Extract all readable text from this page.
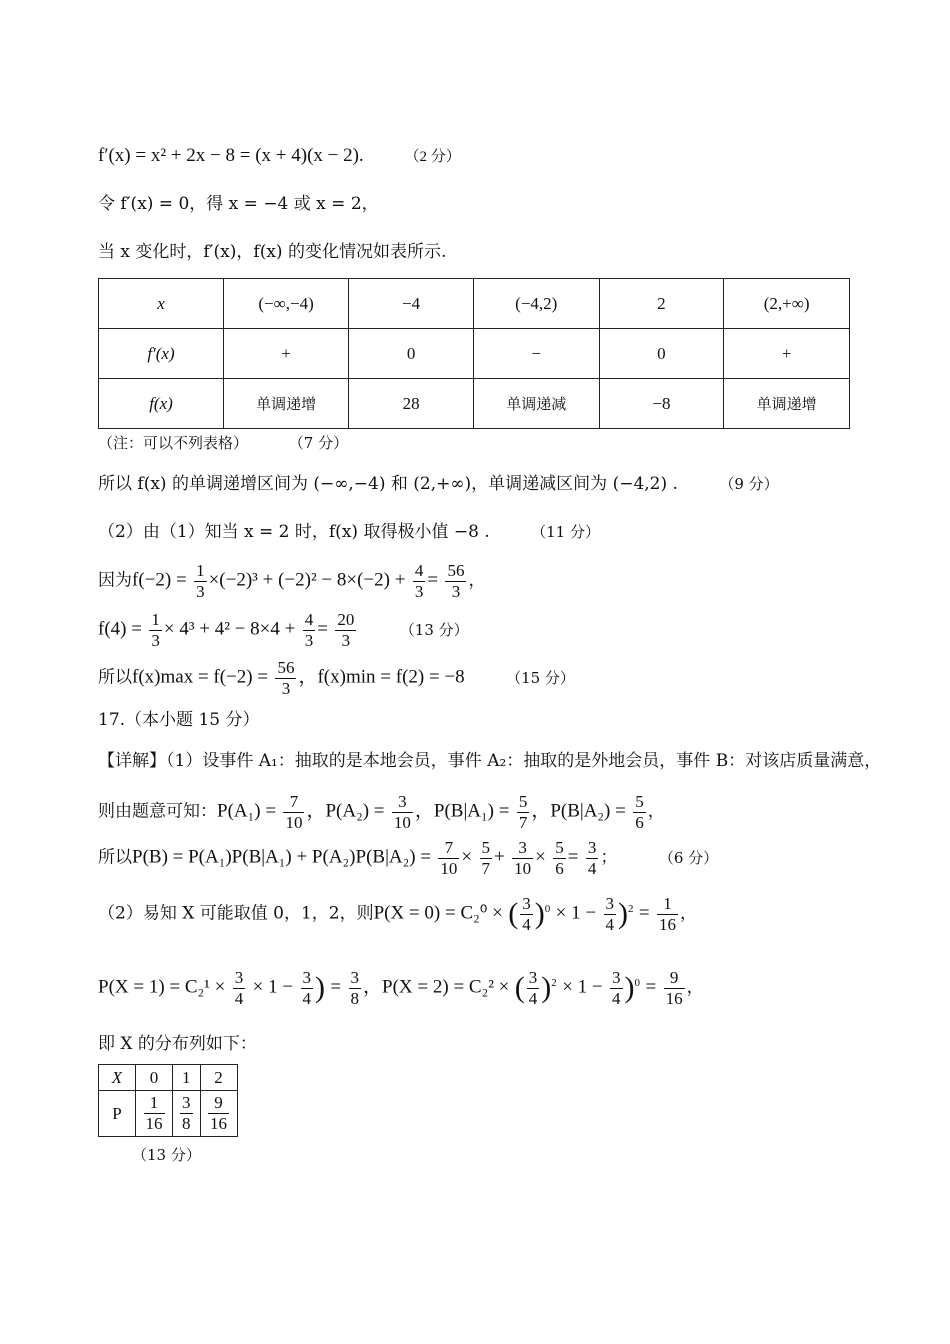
f′(x) = x² + 2x − 8 = (x + 4)(x − 2).	（2 分）
令 f′(x) = 0，得 x = −4 或 x = 2，
当 x 变化时，f′(x)，f(x) 的变化情况如表所示.
x	(−∞,−4)	−4	(−4,2)	2	(2,+∞)
f′(x)	+	0	−	0	+
f(x)	单调递增	28	单调递减	−8	单调递增
（注：可以不列表格）	（7 分）
所以 f(x) 的单调递增区间为 (−∞,−4) 和 (2,+∞)，单调递减区间为 (−4,2) .	（9 分）
（2）由（1）知当 x = 2 时，f(x) 取得极小值 −8 .	（11 分）
因为$f(-2) = \frac{1}{3} \times(-2)^3 + (-2)^2 - 8\times(-2) + \frac{4}{3} = \frac{56}{3}$ ，
$f(4) = \frac{1}{3} \times 4^3 + 4^2 - 8\times 4 + \frac{4}{3} = \frac{20}{3}$	（13 分）
所以$f(x)\max = f(-2) = \frac{56}{3}$ ，f(x)min = f(2) = −8	（15 分）
17.（本小题 15 分）
【详解】（1）设事件 A₁：抽取的是本地会员，事件 A₂：抽取的是外地会员，事件 B：对该店质量满意，
则由题意可知：$P(A_1) = \frac{7}{10}$ ，$P(A_2) = \frac{3}{10}$ ，$P(B|A_1) = \frac{5}{7}$ ，$P(B|A_2) = \frac{5}{6}$ ，
所以$P(B) = P(A_1)P(B|A_1) + P(A_2)P(B|A_2) = \frac{7}{10} \times \frac{5}{7} + \frac{3}{10} \times \frac{5}{6} = \frac{3}{4}$ ；	（6 分）
（2）易知 X 可能取值 0，1，2，则P(X = 0) = C₂⁰ × ( $\frac{3}{4} )^0 \times 1 - \frac{3}{4} )^2 = \frac{1}{16}$ ，
$P(X = 1) = C_2^1 \times \frac{3}{4} \times 1 - \frac{3}{4}$ ) = $\frac{3}{8}$ ，P(X = 2) = C₂² × ( $\frac{3}{4} )^2 \times 1 - \frac{3}{4} )^0 = \frac{9}{16}$ ，
即 X 的分布列如下：
X	0	1	2
P	$\frac{1}{16}$	$\frac{3}{8}$	$\frac{9}{16}$
（13 分）
